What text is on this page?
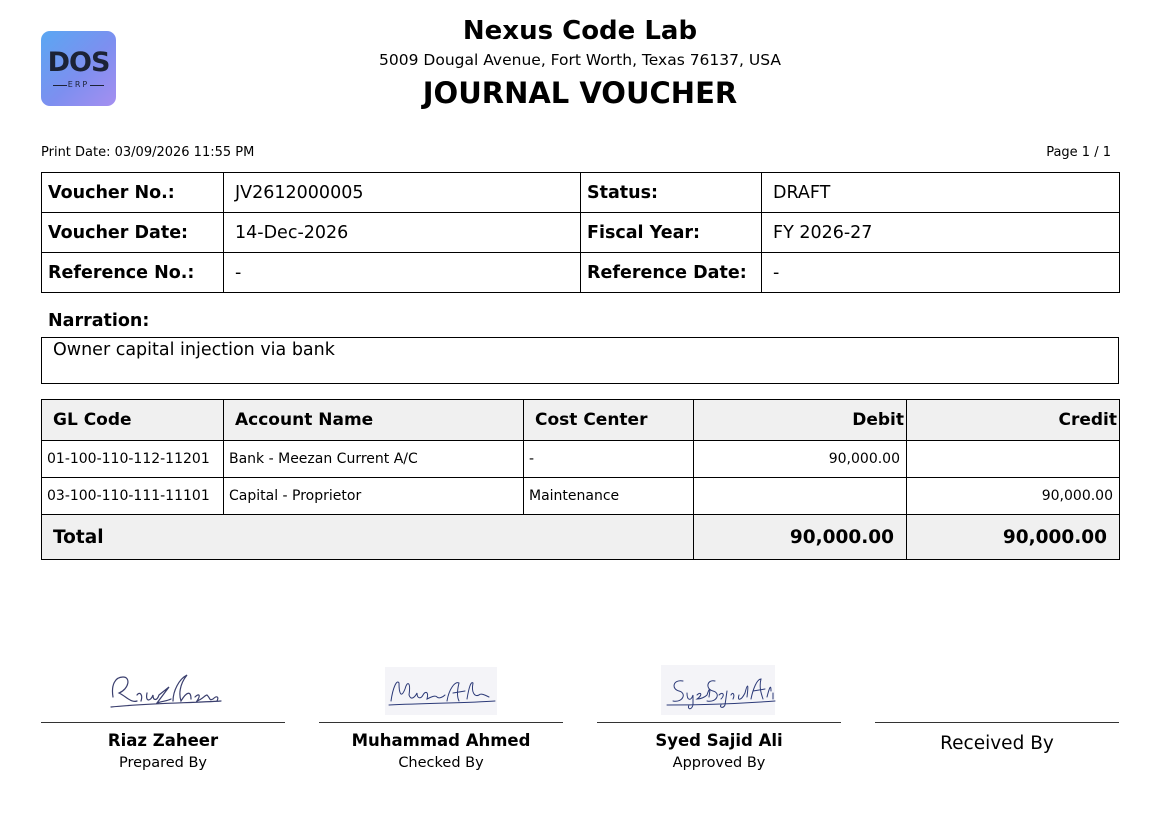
DOS
ERP
Nexus Code Lab
5009 Dougal Avenue, Fort Worth, Texas 76137, USA
JOURNAL VOUCHER
Print Date: 03/09/2026 11:55 PM	Page 1 / 1
Voucher No.:	JV2612000005	Status:	DRAFT
Voucher Date:	14-Dec-2026	Fiscal Year:	FY 2026-27
Reference No.:	-	Reference Date:	-
Narration:
Owner capital injection via bank
GL Code	Account Name	Cost Center	Debit	Credit
01-100-110-112-11201	Bank - Meezan Current A/C	-	90,000.00	
03-100-110-111-11101	Capital - Proprietor	Maintenance		90,000.00
Total			90,000.00	90,000.00
Riaz Zaheer
Prepared By
Muhammad Ahmed
Checked By
Syed Sajid Ali
Approved By
Received By
